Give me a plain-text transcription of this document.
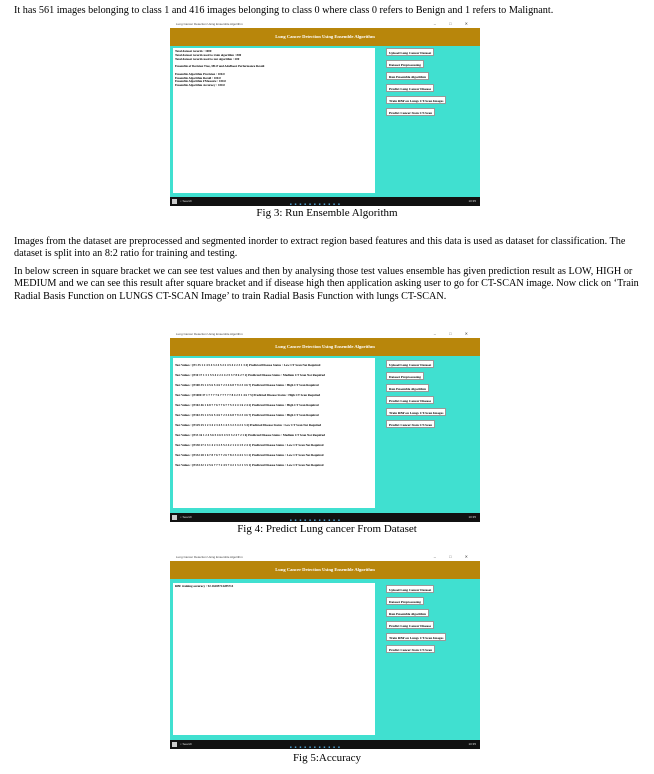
It has 561 images belonging to class 1 and 416 images belonging to class 0 where class 0 refers to Benign and 1 refers to Malignant.
Lung Cancer Detection Using Ensemble Algorithm	– □ ✕
Lung Cancer Detection Using Ensemble Algorithm
Total dataset records : 1000
Total dataset records used to train algorithm : 800
Total dataset records used to test algorithm : 200
Ensemble of Decision Tree, MLP and AdaBoost Performance Result
Ensemble Algorithm Precision : 100.0
Ensemble Algorithm Recall : 100.0
Ensemble Algorithm FMeasure : 100.0
Ensemble Algorithm Accuracy : 100.0
Upload Lung Cancer Dataset
Dataset Preprocessing
Run Ensemble Algorithm
Predict Lung Cancer Disease
Train RBF on Lungs CT-Scan Images
Predict Cancer from CT-Scan
⌕ Search
■■■■■■■■■■■
10:35
Fig 3: Run Ensemble Algorithm
Images from the dataset are preprocessed and segmented inorder to extract region based features and this data is used as dataset for classification. The dataset is split into an 8:2 ratio for training and testing.
In below screen in square bracket we can see test values and then by analysing those test values ensemble has given prediction result as LOW, HIGH or MEDIUM and we can see this result after square bracket and if disease high then application asking user to go for CT-SCAN image. Now click on ‘Train Radial Basis Function on LUNGS CT-SCAN Image’ to train Radial Basis Function with lungs CT-SCAN.
Lung Cancer Detection Using Ensemble Algorithm	– □ ✕
Lung Cancer Detection Using Ensemble Algorithm
Test Values : [P1 35 1 2 4 5 4 3 2 4 5 2 2 4 5 4 2 2 3 1 3 4] Predicted Disease Status : Low CT Scan Not Required
Test Values : [P10 17 1 3 1 5 5 4 2 2 2 4 2 5 3 7 8 6 2 7 2] Predicted Disease Status : Medium CT Scan Not Required
Test Values : [P100 35 1 4 5 6 5 4 6 7 2 3 4 6 8 7 9 2 3 4 6 7] Predicted Disease Status : High CT Scan Required
Test Values : [P1000 37 1 7 7 7 7 6 7 7 7 7 7 8 4 2 5 1 4 6 7 5] Predicted Disease Status : High CT Scan Required
Test Values : [P102 46 1 6 8 7 7 6 7 7 6 7 7 5 3 2 4 1 6 2 4 2] Predicted Disease Status : High CT Scan Required
Test Values : [P102 35 1 4 5 6 5 4 6 7 2 3 4 6 8 7 9 2 3 4 6 7] Predicted Disease Status : High CT Scan Required
Test Values : [P129 25 1 2 3 4 2 3 4 5 1 4 3 3 2 3 4 2 2 3 4] Predicted Disease Status : Low CT Scan Not Required
Test Values : [P13 16 1 2 4 5 6 5 4 6 5 4 5 5 3 2 4 7 2 1 6] Predicted Disease Status : Medium CT Scan Not Required
Test Values : [P130 27 2 3 1 4 2 3 2 5 5 2 4 2 1 2 4 1 5 2 4 1] Predicted Disease Status : Low CT Scan Not Required
Test Values : [P132 28 1 6 7 8 7 6 7 7 2 6 7 8 2 3 4 4 2 3 1 2] Predicted Disease Status : Low CT Scan Not Required
Test Values : [P133 32 1 2 5 6 7 7 7 2 4 5 7 4 2 1 3 2 1 3 5 1] Predicted Disease Status : Low CT Scan Not Required
Upload Lung Cancer Dataset
Dataset Preprocessing
Run Ensemble Algorithm
Predict Lung Cancer Disease
Train RBF on Lungs CT-Scan Images
Predict Cancer from CT-Scan
⌕ Search
■■■■■■■■■■■
10:35
Fig 4: Predict Lung cancer From Dataset
Lung Cancer Detection Using Ensemble Algorithm	– □ ✕
Lung Cancer Detection Using Ensemble Algorithm
RBF training accuracy : 92.16285714285714
Upload Lung Cancer Dataset
Dataset Preprocessing
Run Ensemble Algorithm
Predict Lung Cancer Disease
Train RBF on Lungs CT-Scan Images
Predict Cancer from CT-Scan
⌕ Search
■■■■■■■■■■■
10:35
Fig 5:Accuracy
